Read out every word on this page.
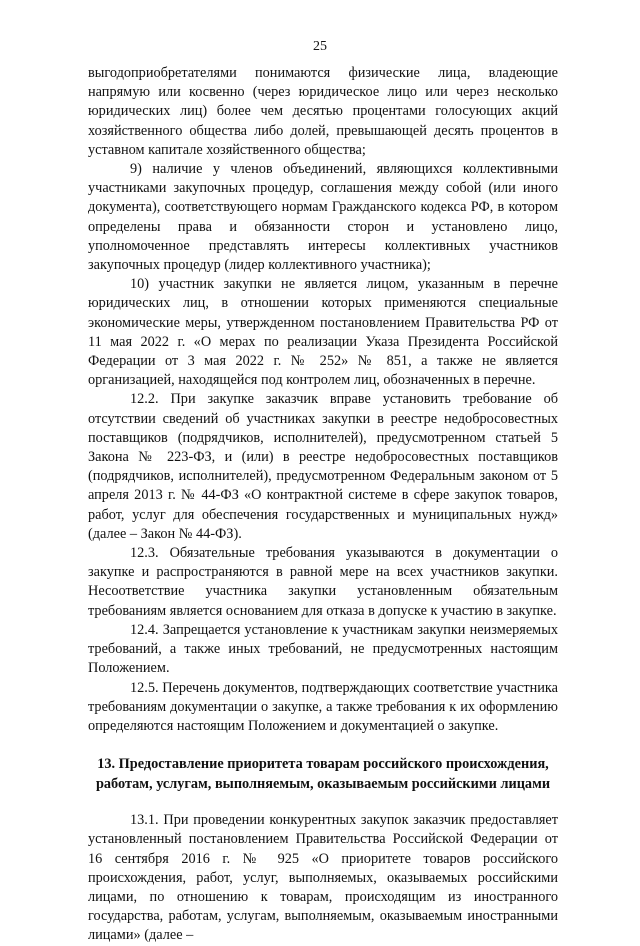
25

выгодоприобретателями понимаются физические лица, владеющие напрямую или косвенно (через юридическое лицо или через несколько юридических лиц) более чем десятью процентами голосующих акций хозяйственного общества либо долей, превышающей десять процентов в уставном капитале хозяйственного общества;

9) наличие у членов объединений, являющихся коллективными участниками закупочных процедур, соглашения между собой (или иного документа), соответствующего нормам Гражданского кодекса РФ, в котором определены права и обязанности сторон и установлено лицо, уполномоченное представлять интересы коллективных участников закупочных процедур (лидер коллективного участника);

10) участник закупки не является лицом, указанным в перечне юридических лиц, в отношении которых применяются специальные экономические меры, утвержденном постановлением Правительства РФ от 11 мая 2022 г. «О мерах по реализации Указа Президента Российской Федерации от 3 мая 2022 г. № 252» № 851, а также не является организацией, находящейся под контролем лиц, обозначенных в перечне.

12.2. При закупке заказчик вправе установить требование об отсутствии сведений об участниках закупки в реестре недобросовестных поставщиков (подрядчиков, исполнителей), предусмотренном статьей 5 Закона № 223-ФЗ, и (или) в реестре недобросовестных поставщиков (подрядчиков, исполнителей), предусмотренном Федеральным законом от 5 апреля 2013 г. № 44-ФЗ «О контрактной системе в сфере закупок товаров, работ, услуг для обеспечения государственных и муниципальных нужд» (далее – Закон № 44-ФЗ).

12.3. Обязательные требования указываются в документации о закупке и распространяются в равной мере на всех участников закупки. Несоответствие участника закупки установленным обязательным требованиям является основанием для отказа в допуске к участию в закупке.

12.4. Запрещается установление к участникам закупки неизмеряемых требований, а также иных требований, не предусмотренных настоящим Положением.

12.5. Перечень документов, подтверждающих соответствие участника требованиям документации о закупке, а также требования к их оформлению определяются настоящим Положением и документацией о закупке.

13. Предоставление приоритета товарам российского происхождения, работам, услугам, выполняемым, оказываемым российскими лицами

13.1. При проведении конкурентных закупок заказчик предоставляет установленный постановлением Правительства Российской Федерации от 16 сентября 2016 г. № 925 «О приоритете товаров российского происхождения, работ, услуг, выполняемых, оказываемых российскими лицами, по отношению к товарам, происходящим из иностранного государства, работам, услугам, выполняемым, оказываемым иностранными лицами» (далее –
